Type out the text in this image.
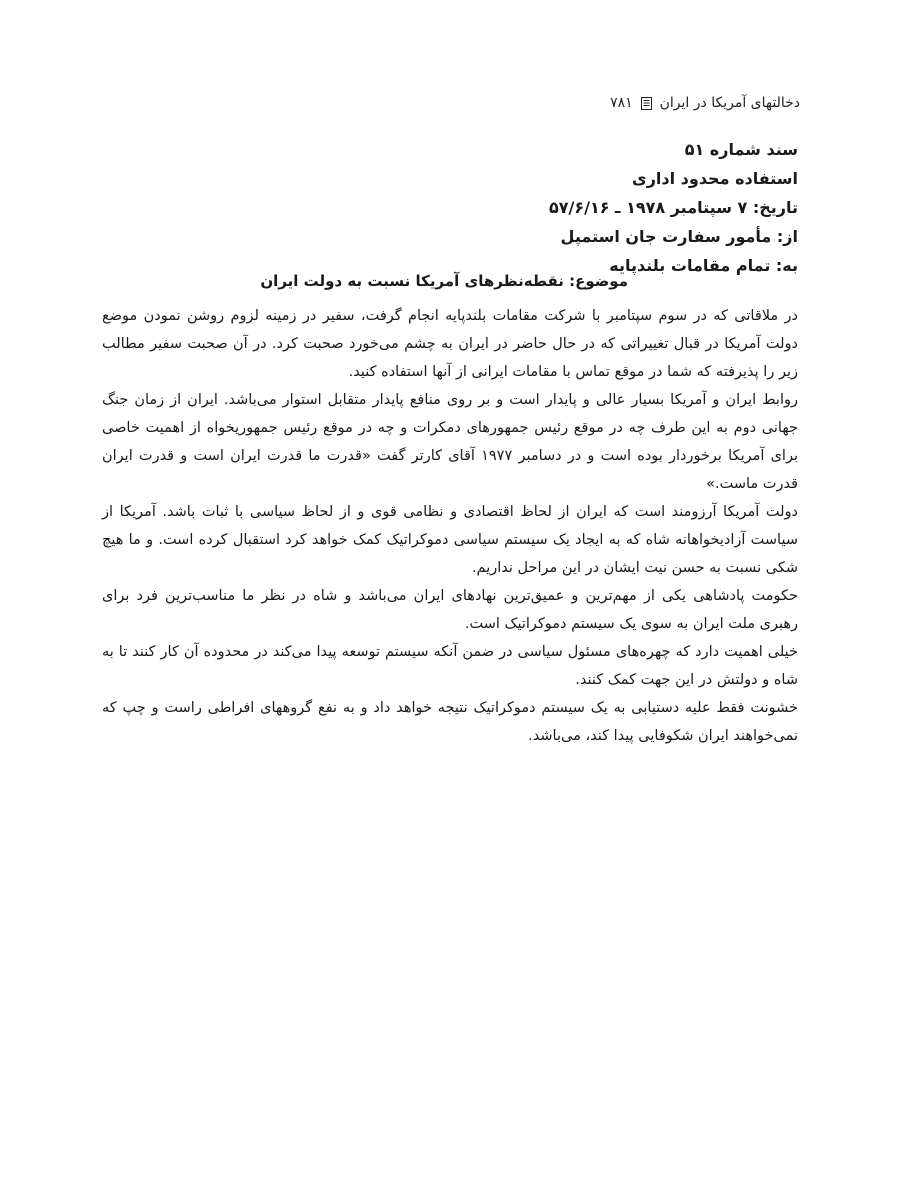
دخالتهای آمریکا در ایران
۷۸۱
سند شماره ۵۱
استفاده محدود اداری
تاریخ: ۷ سپتامبر ۱۹۷۸ ـ ۵۷/۶/۱۶
از: مأمور سفارت جان استمپل
به: تمام مقامات بلندپایه
موضوع: نقطه‌نظرهای آمریکا نسبت به دولت ایران

در ملاقاتی که در سوم سپتامبر با شرکت مقامات بلندپایه انجام گرفت، سفیر در زمینه لزوم روشن نمودن موضع دولت آمریکا در قبال تغییراتی که در حال حاضر در ایران به چشم می‌خورد صحبت کرد. در آن صحبت سفیر مطالب زیر را پذیرفته که شما در موقع تماس با مقامات ایرانی از آنها استفاده کنید.

روابط ایران و آمریکا بسیار عالی و پایدار است و بر روی منافع پایدار متقابل استوار می‌باشد. ایران از زمان جنگ جهانی دوم به این طرف چه در موقع رئیس جمهورهای دمکرات و چه در موقع رئیس جمهوریخواه از اهمیت خاصی برای آمریکا برخوردار بوده است و در دسامبر ۱۹۷۷ آقای کارتر گفت «قدرت ما قدرت ایران است و قدرت ایران قدرت ماست.»

دولت آمریکا آرزومند است که ایران از لحاظ اقتصادی و نظامی قوی و از لحاظ سیاسی با ثبات باشد. آمریکا از سیاست آزادیخواهانه شاه که به ایجاد یک سیستم سیاسی دموکراتیک کمک خواهد کرد استقبال کرده است. و ما هیچ شکی نسبت به حسن نیت ایشان در این مراحل نداریم.

حکومت پادشاهی یکی از مهم‌ترین و عمیق‌ترین نهادهای ایران می‌باشد و شاه در نظر ما مناسب‌ترین فرد برای رهبری ملت ایران به سوی یک سیستم دموکراتیک است.

خیلی اهمیت دارد که چهره‌های مسئول سیاسی در ضمن آنکه سیستم توسعه پیدا می‌کند در محدوده آن کار کنند تا به شاه و دولتش در این جهت کمک کنند.

خشونت فقط علیه دستیابی به یک سیستم دموکراتیک نتیجه خواهد داد و به نفع گروههای افراطی راست و چپ که نمی‌خواهند ایران شکوفایی پیدا کند، می‌باشد.
